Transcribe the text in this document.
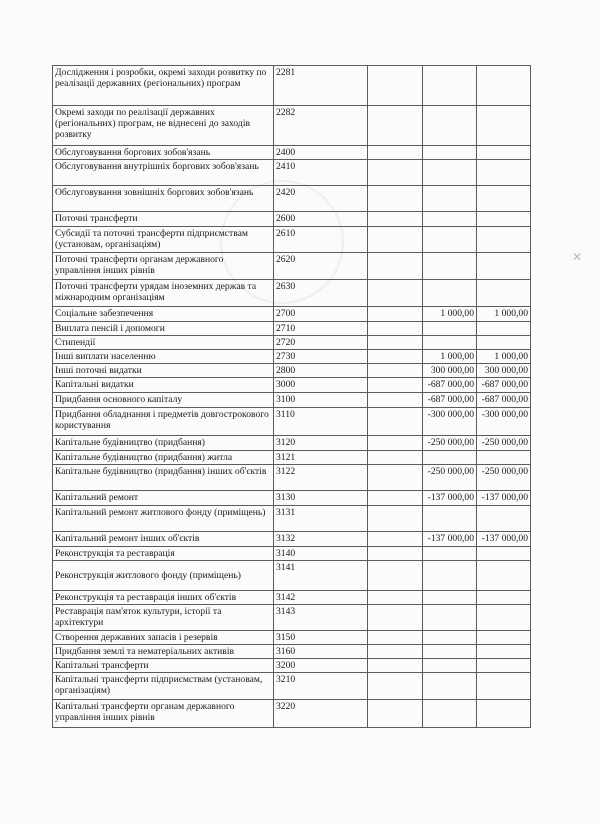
✕
Дослідження і розробки, окремі заходи розвитку по реалізації державних (регіональних) програм	2281			
Окремі заходи по реалізації державних (регіональних) програм, не віднесені до заходів розвитку	2282			
Обслуговування боргових зобов'язань	2400			
Обслуговування внутрішніх боргових зобов'язань	2410			
Обслуговування зовнішніх боргових зобов'язань	2420			
Поточні трансферти	2600			
Субсидії та поточні трансферти підприємствам (установам, організаціям)	2610			
Поточні трансферти органам державного управління інших рівнів	2620			
Поточні трансферти урядам іноземних держав та міжнародним організаціям	2630			
Соціальне забезпечення	2700		1 000,00	1 000,00
Виплата пенсій і допомоги	2710			
Стипендії	2720			
Інші виплати населенню	2730		1 000,00	1 000,00
Інші поточні видатки	2800		300 000,00	300 000,00
Капітальні видатки	3000		-687 000,00	-687 000,00
Придбання основного капіталу	3100		-687 000,00	-687 000,00
Придбання обладнання і предметів довгострокового користування	3110		-300 000,00	-300 000,00
Капітальне будівництво (придбання)	3120		-250 000,00	-250 000,00
Капітальне будівництво (придбання) житла	3121			
Капітальне будівництво (придбання) інших об'єктів	3122		-250 000,00	-250 000,00
Капітальний ремонт	3130		-137 000,00	-137 000,00
Капітальний ремонт житлового фонду (приміщень)	3131			
Капітальний ремонт інших об'єктів	3132		-137 000,00	-137 000,00
Реконструкція та реставрація	3140			
Реконструкція житлового фонду (приміщень)	3141			
Реконструкція та реставрація інших об'єктів	3142			
Реставрація пам'яток культури, історії та архітектури	3143			
Створення державних запасів і резервів	3150			
Придбання землі та нематеріальних активів	3160			
Капітальні трансферти	3200			
Капітальні трансферти підприємствам (установам, організаціям)	3210			
Капітальні трансферти органам державного управління інших рівнів	3220			
